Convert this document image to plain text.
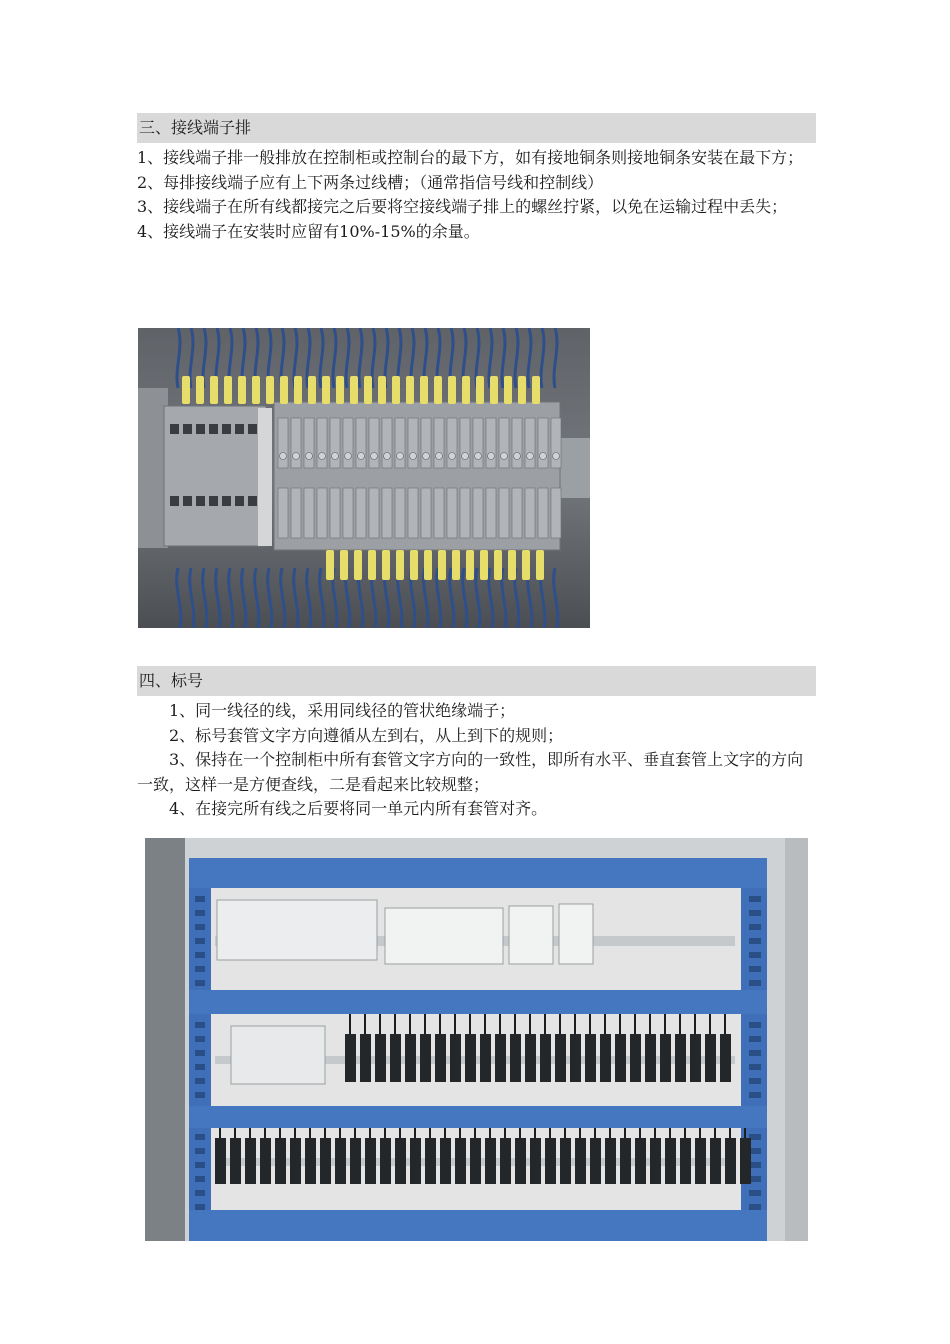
三、接线端子排

1、接线端子排一般排放在控制柜或控制台的最下方，如有接地铜条则接地铜条安装在最下方；

2、每排接线端子应有上下两条过线槽；（通常指信号线和控制线）

3、接线端子在所有线都接完之后要将空接线端子排上的螺丝拧紧，以免在运输过程中丢失；

4、接线端子在安装时应留有10%-15%的余量。

四、标号

1、同一线径的线，采用同线径的管状绝缘端子；

2、标号套管文字方向遵循从左到右，从上到下的规则；

3、保持在一个控制柜中所有套管文字方向的一致性，即所有水平、垂直套管上文字的方向一致，这样一是方便查线，二是看起来比较规整；

4、在接完所有线之后要将同一单元内所有套管对齐。
